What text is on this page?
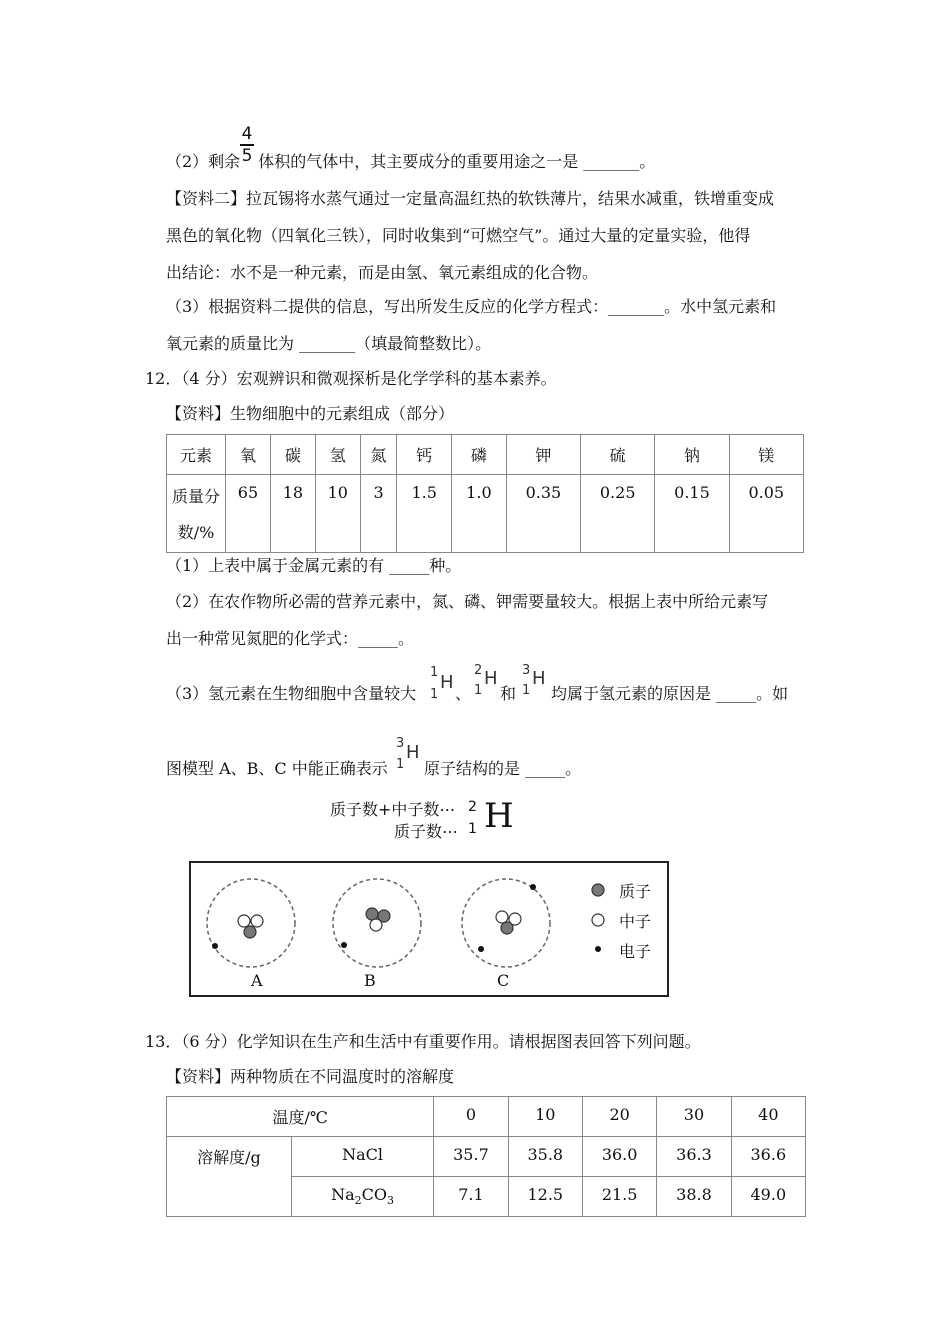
4
5
（2）剩余 体积的气体中，其主要成分的重要用途之一是 _______。
【资料二】拉瓦锡将水蒸气通过一定量高温红热的软铁薄片，结果水减重，铁增重变成
黑色的氧化物（四氧化三铁），同时收集到“可燃空气”。通过大量的定量实验，他得
出结论：水不是一种元素，而是由氢、氧元素组成的化合物。
（3）根据资料二提供的信息，写出所发生反应的化学方程式：_______。水中氢元素和
氧元素的质量比为 _______（填最简整数比）。
12．（4 分）宏观辨识和微观探析是化学学科的基本素养。
【资料】生物细胞中的元素组成（部分）
元素	氧	碳	氢	氮	钙	磷	钾	硫	钠	镁

质量分
数/%	65	18	10	3	1.5	1.0	0.35	0.25	0.15	0.05
（1）上表中属于金属元素的有 _____种。
（2）在农作物所必需的营养元素中，氮、磷、钾需要量较大。根据上表中所给元素写
出一种常见氮肥的化学式：_____。
（3）氢元素在生物细胞中含量较大
1
1
H
、
2
1
H
和
3
1
H
均属于氢元素的原因是 _____。如
图模型 A、B、C 中能正确表示
3
1
H
原子结构的是 _____。
质子数+中子数⋯ 2
质子数⋯ 1 H
A	B	C
质子
中子
电子
13．（6 分）化学知识在生产和生活中有重要作用。请根据图表回答下列问题。
【资料】两种物质在不同温度时的溶解度
温度/℃		0	10	20	30	40
溶解度/g	NaCl	35.7	35.8	36.0	36.3	36.6
	$Na_2CO_3$	7.1	12.5	21.5	38.8	49.0
